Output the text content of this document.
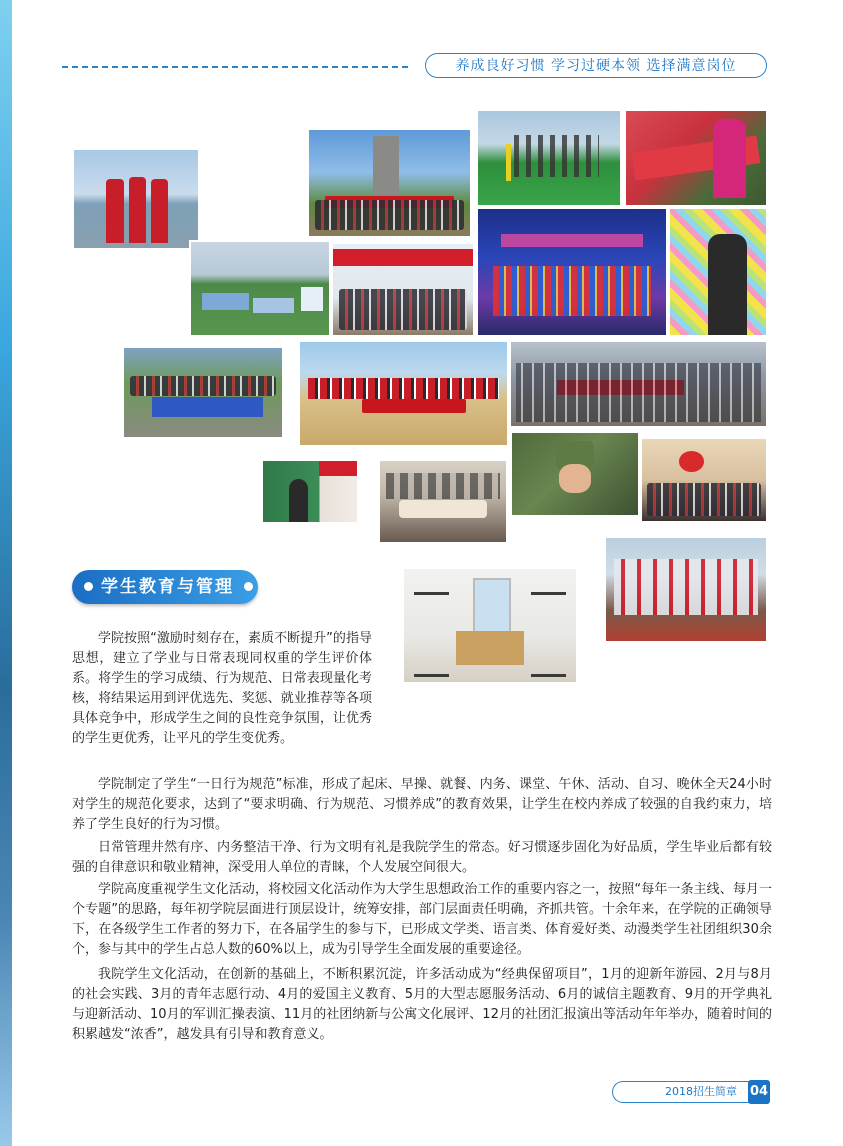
养成良好习惯 学习过硬本领 选择满意岗位
学生教育与管理

学院按照“激励时刻存在，素质不断提升”的指导思想，建立了学业与日常表现同权重的学生评价体系。将学生的学习成绩、行为规范、日常表现量化考核，将结果运用到评优选先、奖惩、就业推荐等各项具体竞争中，形成学生之间的良性竞争氛围，让优秀的学生更优秀，让平凡的学生变优秀。

学院制定了学生“一日行为规范”标准，形成了起床、早操、就餐、内务、课堂、午休、活动、自习、晚休全天24小时对学生的规范化要求，达到了“要求明确、行为规范、习惯养成”的教育效果，让学生在校内养成了较强的自我约束力，培养了学生良好的行为习惯。

日常管理井然有序、内务整洁干净、行为文明有礼是我院学生的常态。好习惯逐步固化为好品质，学生毕业后都有较强的自律意识和敬业精神，深受用人单位的青睐，个人发展空间很大。

学院高度重视学生文化活动，将校园文化活动作为大学生思想政治工作的重要内容之一，按照“每年一条主线、每月一个专题”的思路，每年初学院层面进行顶层设计，统筹安排，部门层面责任明确，齐抓共管。十余年来，在学院的正确领导下，在各级学生工作者的努力下，在各届学生的参与下，已形成文学类、语言类、体育爱好类、动漫类学生社团组织30余个，参与其中的学生占总人数的60%以上，成为引导学生全面发展的重要途径。

我院学生文化活动，在创新的基础上，不断积累沉淀，许多活动成为“经典保留项目”，1月的迎新年游园、2月与8月的社会实践、3月的青年志愿行动、4月的爱国主义教育、5月的大型志愿服务活动、6月的诚信主题教育、9月的开学典礼与迎新活动、10月的军训汇操表演、11月的社团纳新与公寓文化展评、12月的社团汇报演出等活动年年举办，随着时间的积累越发“浓香”，越发具有引导和教育意义。

2018招生简章 04
